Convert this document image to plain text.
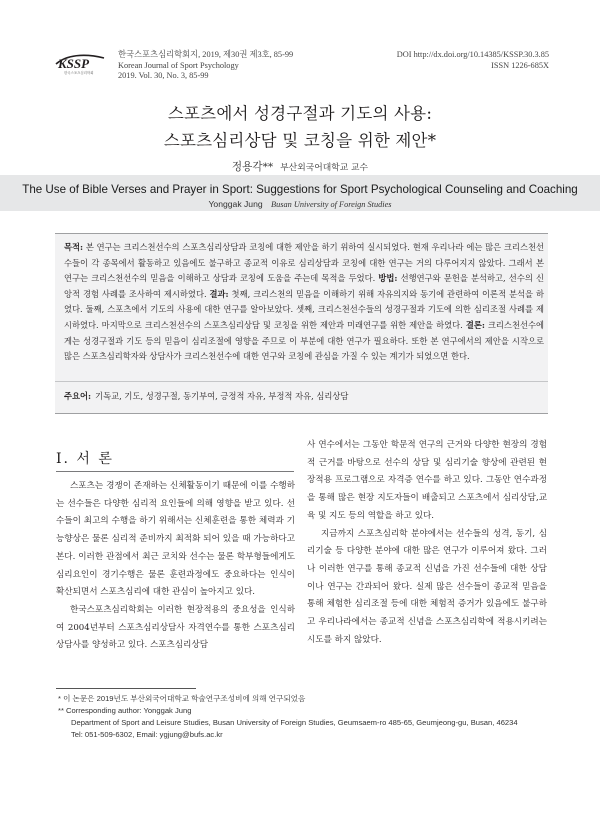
KSSP
한국스포츠심리학회
한국스포츠심리학회지, 2019, 제30권 제3호, 85-99
Korean Journal of Sport Psychology
2019. Vol. 30, No. 3, 85-99
DOI http://dx.doi.org/10.14385/KSSP.30.3.85
ISSN 1226-685X
스포츠에서 성경구절과 기도의 사용:
스포츠심리상담 및 코칭을 위한 제안*
정용각** 부산외국어대학교 교수
The Use of Bible Verses and Prayer in Sport: Suggestions for Sport Psychological Counseling and Coaching
Yonggak Jung Busan University of Foreign Studies
목적: 본 연구는 크리스천선수의 스포츠심리상담과 코칭에 대한 제안을 하기 위하여 실시되었다. 현재 우리나라 에는 많은 크리스천선수들이 각 종목에서 활동하고 있음에도 불구하고 종교적 이유로 심리상담과 코칭에 대한 연구는 거의 다루어지지 않았다. 그래서 본 연구는 크리스천선수의 믿음을 이해하고 상담과 코칭에 도움을 주는데 목적을 두었다. 방법: 선행연구와 문헌을 분석하고, 선수의 신앙적 경험 사례를 조사하여 제시하였다. 결과: 첫째, 크리스천의 믿음을 이해하기 위해 자유의지와 동기에 관련하여 이론적 분석을 하였다. 둘째, 스포츠에서 기도의 사용에 대한 연구를 알아보았다. 셋째, 크리스천선수들의 성경구절과 기도에 의한 심리조절 사례를 제시하였다. 마지막으로 크리스천선수의 스포츠심리상담 및 코칭을 위한 제안과 미래연구를 위한 제안을 하였다. 결론: 크리스천선수에게는 성경구절과 기도 등의 믿음이 심리조절에 영향을 주므로 이 부분에 대한 연구가 필요하다. 또한 본 연구에서의 제안을 시작으로 많은 스포츠심리학자와 상담사가 크리스천선수에 대한 연구와 코칭에 관심을 가질 수 있는 계기가 되었으면 한다.
주요어: 기독교, 기도, 성경구절, 동기부여, 긍정적 자유, 부정적 자유, 심리상담
Ⅰ. 서 론

스포츠는 경쟁이 존재하는 신체활동이기 때문에 이를 수행하는 선수들은 다양한 심리적 요인들에 의해 영향을 받고 있다. 선수들이 최고의 수행을 하기 위해서는 신체훈련을 통한 체력과 기능향상은 물론 심리적 준비까지 최적화 되어 있을 때 가능하다고 본다. 이러한 관점에서 최근 코치와 선수는 물론 학부형들에게도 심리요인이 경기수행은 물론 훈련과정에도 중요하다는 인식이 확산되면서 스포츠심리에 대한 관심이 높아지고 있다.

한국스포츠심리학회는 이러한 현장적용의 중요성을 인식하여 2004년부터 스포츠심리상담사 자격연수를 통한 스포츠심리상담사를 양성하고 있다. 스포츠심리상담

사 연수에서는 그동안 학문적 연구의 근거와 다양한 현장의 경험적 근거를 바탕으로 선수의 상담 및 심리기술 향상에 관련된 현장적용 프로그램으로 자격증 연수를 하고 있다. 그동안 연수과정을 통해 많은 현장 지도자들이 배출되고 스포츠에서 심리상담,교육 및 지도 등의 역할을 하고 있다.

지금까지 스포츠심리학 분야에서는 선수들의 성격, 동기, 심리기술 등 다양한 분야에 대한 많은 연구가 이루어져 왔다. 그러나 이러한 연구를 통해 종교적 신념을 가진 선수들에 대한 상담이나 연구는 간과되어 왔다. 실제 많은 선수들이 종교적 믿음을 통해 체험한 심리조절 등에 대한 체험적 증거가 있음에도 불구하고 우리나라에서는 종교적 신념을 스포츠심리학에 적용시키려는 시도를 하지 않았다.

* 이 논문은 2019년도 부산외국어대학교 학술연구조성비에 의해 연구되었음
** Corresponding author: Yonggak Jung
Department of Sport and Leisure Studies, Busan University of Foreign Studies, Geumsaem-ro 485-65, Geumjeong-gu, Busan, 46234
Tel: 051-509-6302, Email: ygjung@bufs.ac.kr
